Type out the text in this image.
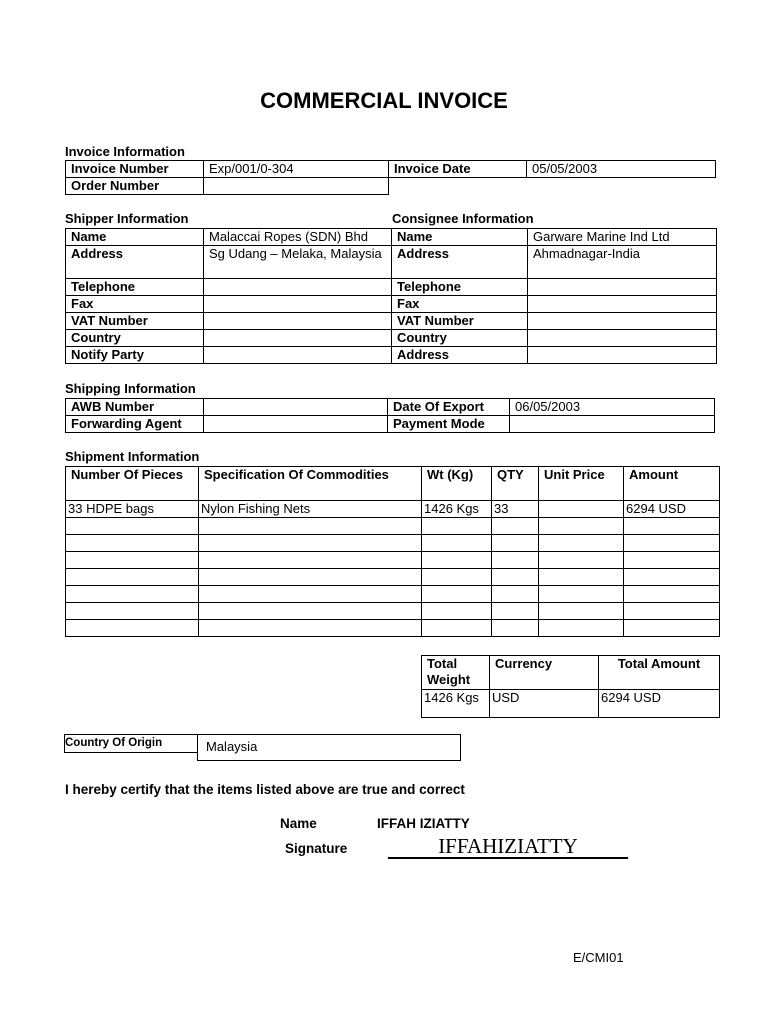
COMMERCIAL INVOICE
Invoice Information
Invoice Number	Exp/001/0-304	Invoice Date	05/05/2003
Order Number			
Shipper Information	Consignee Information
Name	Malaccai Ropes (SDN) Bhd	Name	Garware Marine Ind Ltd
Address	Sg Udang – Melaka, Malaysia	Address	Ahmadnagar-India
Telephone		Telephone	
Fax		Fax	
VAT Number		VAT Number	
Country		Country	
Notify Party		Address	
Shipping Information
AWB Number		Date Of Export	06/05/2003
Forwarding Agent		Payment Mode	
Shipment Information
Number Of Pieces	Specification Of Commodities	Wt (Kg)	QTY	Unit Price	Amount
33 HDPE bags	Nylon Fishing Nets	1426 Kgs	33		6294 USD

Total Weight	Currency	Total Amount
1426 Kgs	USD	6294 USD
Country Of Origin	Malaysia
I hereby certify that the items listed above are true and correct
Name	IFFAH IZIATTY
Signature	IFFAHIZIATTY
E/CMI01
